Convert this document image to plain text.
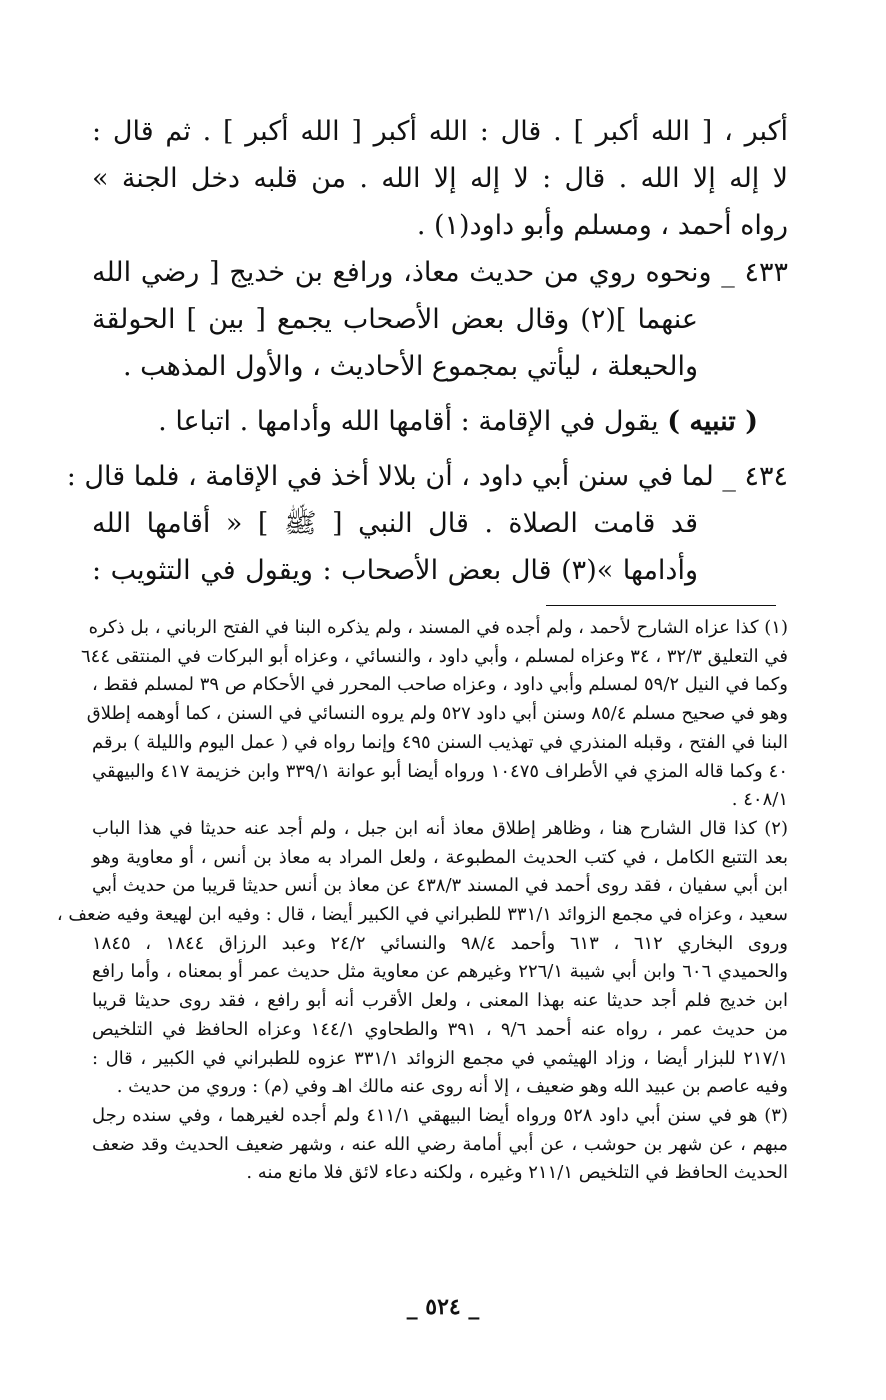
أكبر ، [ الله أكبر ] . قال : الله أكبر [ الله أكبر ] . ثم قال :

لا إله إلا الله . قال : لا إله إلا الله . من قلبه دخل الجنة »

رواه أحمد ، ومسلم وأبو داود(١) .

٤٣٣ _ ونحوه روي من حديث معاذ، ورافع بن خديج [ رضي الله

عنهما ](٢) وقال بعض الأصحاب يجمع [ بين ] الحولقة

والحيعلة ، ليأتي بمجموع الأحاديث ، والأول المذهب .

( تنبيه ) يقول في الإقامة : أقامها الله وأدامها . اتباعا .

٤٣٤ _ لما في سنن أبي داود ، أن بلالا أخذ في الإقامة ، فلما قال :

قد قامت الصلاة . قال النبي [ ﷺ ] « أقامها الله

وأدامها »(٣) قال بعض الأصحاب : ويقول في التثويب :

(١) كذا عزاه الشارح لأحمد ، ولم أجده في المسند ، ولم يذكره البنا في الفتح الرباني ، بل ذكره

في التعليق ٣٢/٣ ، ٣٤ وعزاه لمسلم ، وأبي داود ، والنسائي ، وعزاه أبو البركات في المنتقى ٦٤٤

وكما في النيل ٥٩/٢ لمسلم وأبي داود ، وعزاه صاحب المحرر في الأحكام ص ٣٩ لمسلم فقط ،

وهو في صحيح مسلم ٨٥/٤ وسنن أبي داود ٥٢٧ ولم يروه النسائي في السنن ، كما أوهمه إطلاق

البنا في الفتح ، وقبله المنذري في تهذيب السنن ٤٩٥ وإنما رواه في ( عمل اليوم والليلة ) برقم

٤٠ وكما قاله المزي في الأطراف ١٠٤٧٥ ورواه أيضا أبو عوانة ٣٣٩/١ وابن خزيمة ٤١٧ والبيهقي

٤٠٨/١ .

(٢) كذا قال الشارح هنا ، وظاهر إطلاق معاذ أنه ابن جبل ، ولم أجد عنه حديثا في هذا الباب

بعد التتبع الكامل ، في كتب الحديث المطبوعة ، ولعل المراد به معاذ بن أنس ، أو معاوية وهو

ابن أبي سفيان ، فقد روى أحمد في المسند ٤٣٨/٣ عن معاذ بن أنس حديثا قريبا من حديث أبي

سعيد ، وعزاه في مجمع الزوائد ٣٣١/١ للطبراني في الكبير أيضا ، قال : وفيه ابن لهيعة وفيه ضعف ،

وروى البخاري ٦١٢ ، ٦١٣ وأحمد ٩٨/٤ والنسائي ٢٤/٢ وعبد الرزاق ١٨٤٤ ، ١٨٤٥

والحميدي ٦٠٦ وابن أبي شيبة ٢٢٦/١ وغيرهم عن معاوية مثل حديث عمر أو بمعناه ، وأما رافع

ابن خديج فلم أجد حديثا عنه بهذا المعنى ، ولعل الأقرب أنه أبو رافع ، فقد روى حديثا قريبا

من حديث عمر ، رواه عنه أحمد ٩/٦ ، ٣٩١ والطحاوي ١٤٤/١ وعزاه الحافظ في التلخيص

٢١٧/١ للبزار أيضا ، وزاد الهيثمي في مجمع الزوائد ٣٣١/١ عزوه للطبراني في الكبير ، قال :

وفيه عاصم بن عبيد الله وهو ضعيف ، إلا أنه روى عنه مالك اهـ وفي (م) : وروي من حديث .

(٣) هو في سنن أبي داود ٥٢٨ ورواه أيضا البيهقي ٤١١/١ ولم أجده لغيرهما ، وفي سنده رجل

مبهم ، عن شهر بن حوشب ، عن أبي أمامة رضي الله عنه ، وشهر ضعيف الحديث وقد ضعف

الحديث الحافظ في التلخيص ٢١١/١ وغيره ، ولكنه دعاء لائق فلا مانع منه .

_ ٥٢٤ _
